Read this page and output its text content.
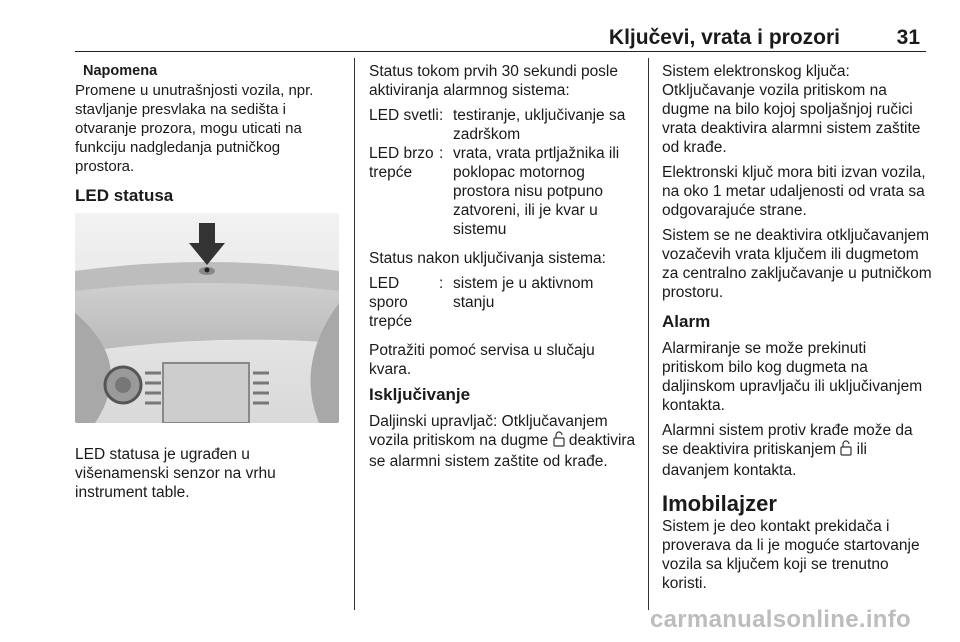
Ključevi, vrata i prozori	31
Napomena

Promene u unutrašnjosti vozila, npr. stavljanje presvlaka na sedišta i otvaranje prozora, mogu uticati na funkciju nadgledanja putničkog prostora.

LED statusa

LED statusa je ugrađen u višenamenski senzor na vrhu instrument table.

Status tokom prvih 30 sekundi posle aktiviranja alarmnog sistema:

LED svetli : testiranje, uključivanje sa zadrškom
LED brzo trepće
: vrata, vrata prtljažnika ili poklopac motornog prostora nisu potpuno zatvoreni, ili je kvar u sistemu

Status nakon uključivanja sistema:

LED sporo trepće
: sistem je u aktivnom stanju

Potražiti pomoć servisa u slučaju kvara.

Isključivanje

Daljinski upravljač: Otključavanjem vozila pritiskom na dugme deaktivira se alarmni sistem zaštite od krađe.

Sistem elektronskog ključa: Otključavanje vozila pritiskom na dugme na bilo kojoj spoljašnjoj ručici vrata deaktivira alarmni sistem zaštite od krađe.

Elektronski ključ mora biti izvan vozila, na oko 1 metar udaljenosti od vrata sa odgovarajuće strane.

Sistem se ne deaktivira otključavanjem vozačevih vrata ključem ili dugmetom za centralno zaključavanje u putničkom prostoru.

Alarm

Alarmiranje se može prekinuti pritiskom bilo kog dugmeta na daljinskom upravljaču ili uključivanjem kontakta.

Alarmni sistem protiv krađe može da se deaktivira pritiskanjem ili davanjem kontakta.

Imobilajzer

Sistem je deo kontakt prekidača i proverava da li je moguće startovanje vozila sa ključem koji se trenutno koristi.

carmanualsonline.info
